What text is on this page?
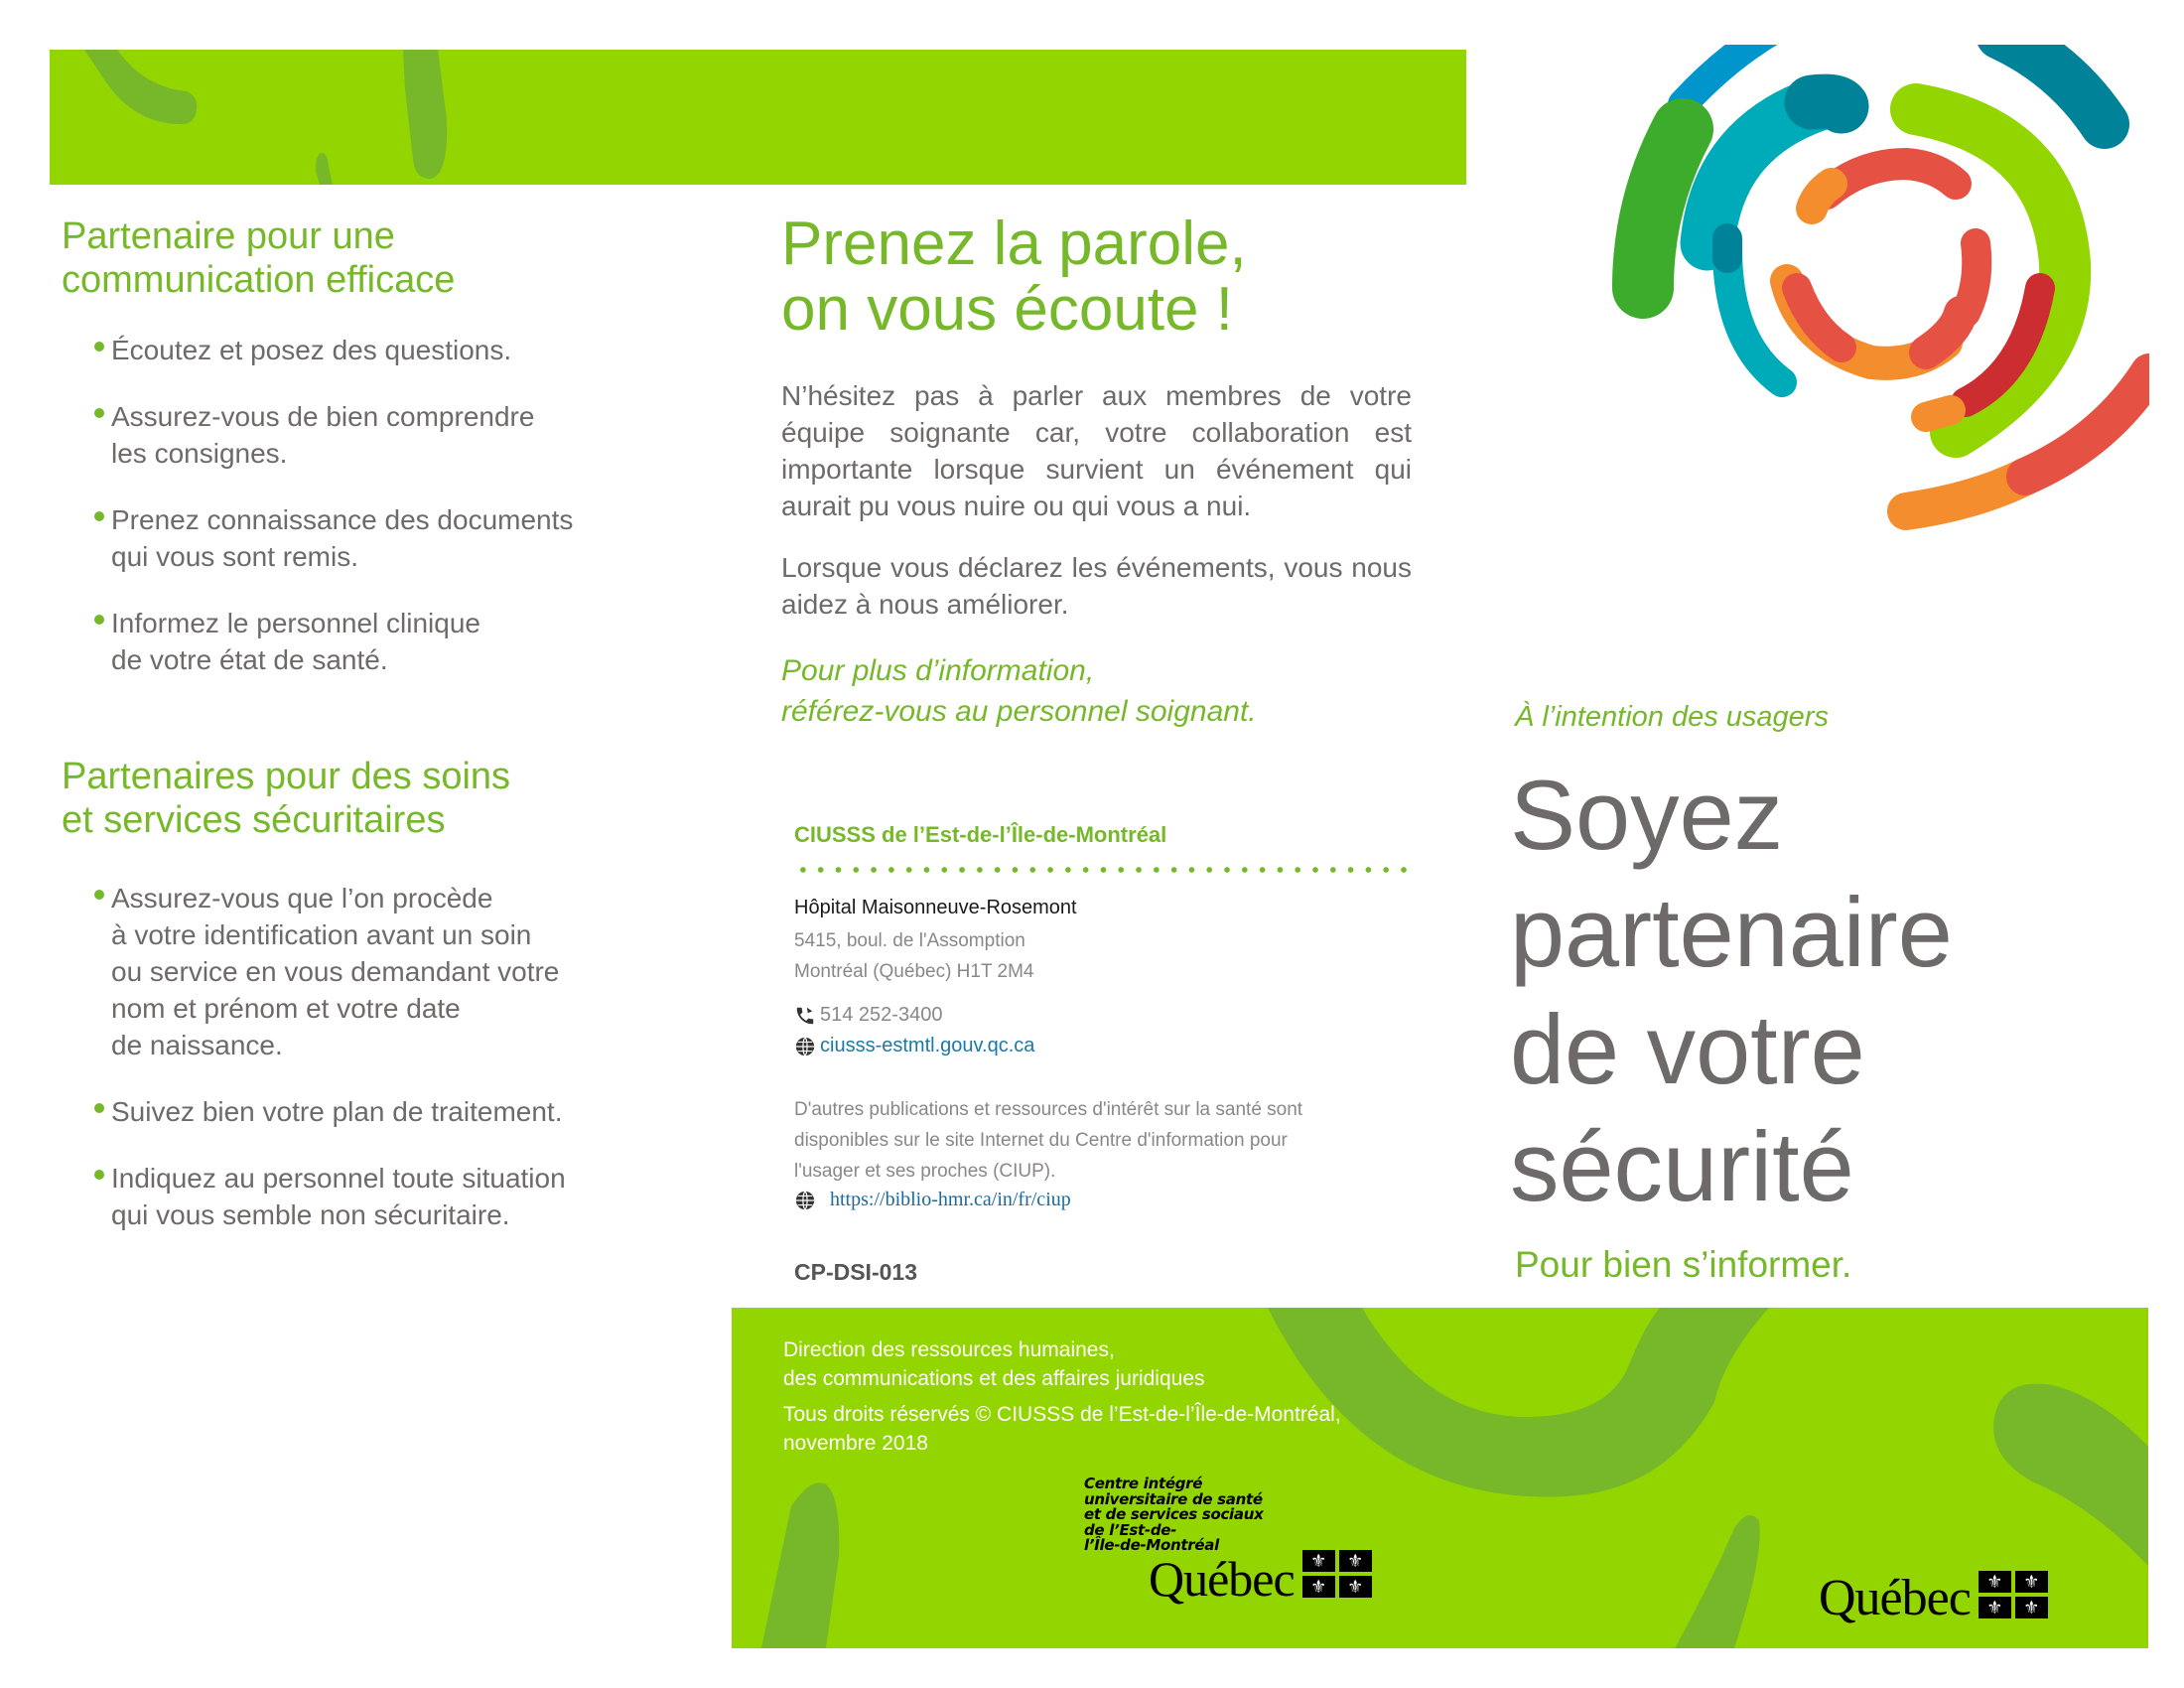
Partenaire pour une
communication efficace
Écoutez et posez des questions.
Assurez-vous de bien comprendre
les consignes.
Prenez connaissance des documents
qui vous sont remis.
Informez le personnel clinique
de votre état de santé.
Partenaires pour des soins
et services sécuritaires
Assurez-vous que l’on procède
à votre identification avant un soin
ou service en vous demandant votre
nom et prénom et votre date
de naissance.
Suivez bien votre plan de traitement.
Indiquez au personnel toute situation
qui vous semble non sécuritaire.
Prenez la parole,
on vous écoute !

N’hésitez pas à parler aux membres de votre équipe soignante car, votre collaboration est importante lorsque survient un événement qui aurait pu vous nuire ou qui vous a nui.

Lorsque vous déclarez les événements, vous nous aidez à nous améliorer.

Pour plus d’information,
référez-vous au personnel soignant.

CIUSSS de l’Est-de-l’Île-de-Montréal
Hôpital Maisonneuve-Rosemont
5415, boul. de l'Assomption
Montréal (Québec) H1T 2M4
514 252-3400
ciusss-estmtl.gouv.qc.ca
D'autres publications et ressources d'intérêt sur la santé sont
disponibles sur le site Internet du Centre d'information pour
l'usager et ses proches (CIUP).
https://biblio-hmr.ca/in/fr/ciup
CP-DSI-013
Direction des ressources humaines,
des communications et des affaires juridiques
Tous droits réservés © CIUSSS de l’Est-de-l’Île-de-Montréal,
novembre 2018
Centre intégré
universitaire de santé
et de services sociaux
de l’Est-de-
l’Île-de-Montréal
Québec ⚜	⚜
⚜	⚜	Québec ⚜	⚜
⚜	⚜
À l’intention des usagers
Soyez
partenaire
de votre
sécurité
Pour bien s’informer.
